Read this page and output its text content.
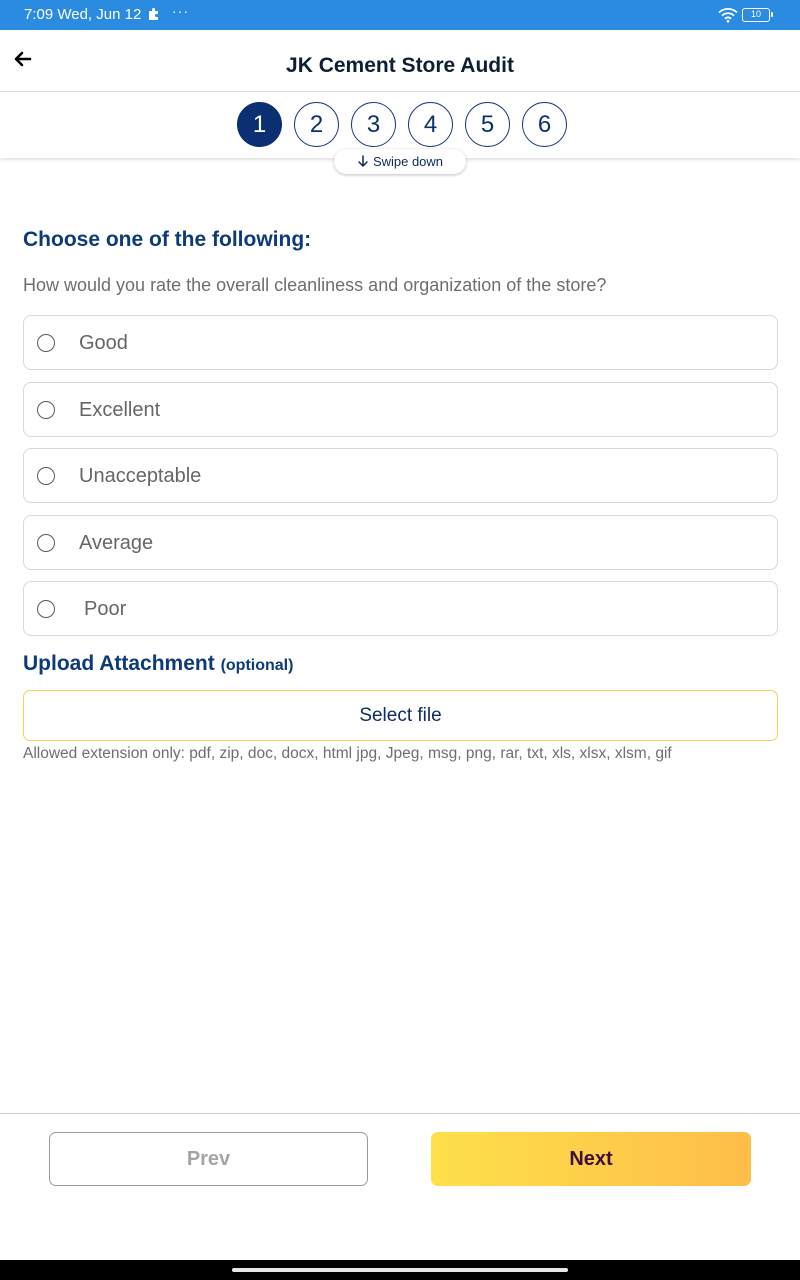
7:09 Wed, Jun 12 ···	10
JK Cement Store Audit
1	2	3	4	5	6
Swipe down
Choose one of the following:
How would you rate the overall cleanliness and organization of the store?
Good
Excellent
Unacceptable
Average
Poor
Upload Attachment (optional)
Select file
Allowed extension only: pdf, zip, doc, docx, html jpg, Jpeg, msg, png, rar, txt, xls, xlsx, xlsm, gif
Prev	Next
